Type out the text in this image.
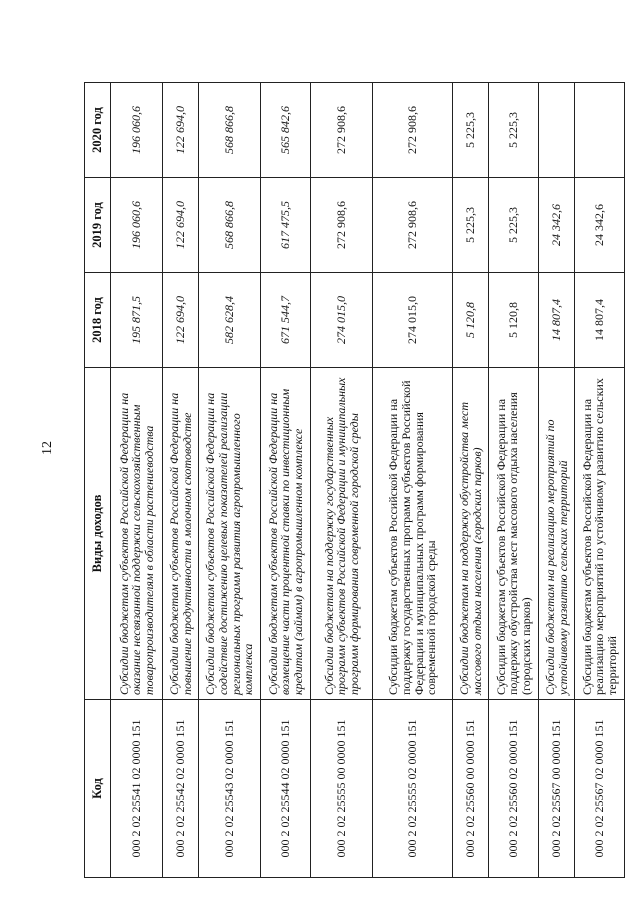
12
Код	Виды доходов	2018 год	2019 год	2020 год
000 2 02 25541 02 0000 151	Субсидии бюджетам субъектов Российской Федерации на оказание несвязанной поддержки сельскохозяйственным товаропроизводителям в области растениеводства	195 871,5	196 060,6	196 060,6
000 2 02 25542 02 0000 151	Субсидии бюджетам субъектов Российской Федерации на повышение продуктивности в молочном скотоводстве	122 694,0	122 694,0	122 694,0
000 2 02 25543 02 0000 151	Субсидии бюджетам субъектов Российской Федерации на содействие достижению целевых показателей реализации региональных программ развития агропромышленного комплекса	582 628,4	568 866,8	568 866,8
000 2 02 25544 02 0000 151	Субсидии бюджетам субъектов Российской Федерации на возмещение части процентной ставки по инвестиционным кредитам (займам) в агропромышленном комплексе	671 544,7	617 475,5	565 842,6
000 2 02 25555 00 0000 151	Субсидии бюджетам на поддержку государственных программ субъектов Российской Федерации и муниципальных программ формирования современной городской среды	274 015,0	272 908,6	272 908,6
000 2 02 25555 02 0000 151	Субсидии бюджетам субъектов Российской Федерации на поддержку государственных программ субъектов Российской Федерации и муниципальных программ формирования современной городской среды	274 015,0	272 908,6	272 908,6
000 2 02 25560 00 0000 151	Субсидии бюджетам на поддержку обустройства мест массового отдыха населения (городских парков)	5 120,8	5 225,3	5 225,3
000 2 02 25560 02 0000 151	Субсидии бюджетам субъектов Российской Федерации на поддержку обустройства мест массового отдыха населения (городских парков)	5 120,8	5 225,3	5 225,3
000 2 02 25567 00 0000 151	Субсидии бюджетам на реализацию мероприятий по устойчивому развитию сельских территорий	14 807,4	24 342,6	
000 2 02 25567 02 0000 151	Субсидии бюджетам субъектов Российской Федерации на реализацию мероприятий по устойчивому развитию сельских территорий	14 807,4	24 342,6	
